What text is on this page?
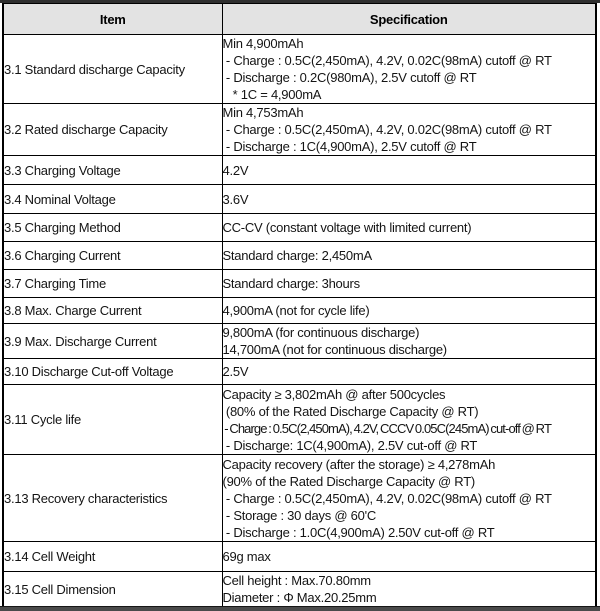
Item	Specification
3.1 Standard discharge Capacity	Min 4,900mAh
- Charge : 0.5C(2,450mA), 4.2V, 0.02C(98mA) cutoff @ RT
- Discharge : 0.2C(980mA), 2.5V cutoff @ RT
* 1C = 4,900mA

3.2 Rated discharge Capacity	Min 4,753mAh
- Charge : 0.5C(2,450mA), 4.2V, 0.02C(98mA) cutoff @ RT
- Discharge : 1C(4,900mA), 2.5V cutoff @ RT

3.3 Charging Voltage	4.2V

3.4 Nominal Voltage	3.6V

3.5 Charging Method	CC-CV (constant voltage with limited current)

3.6 Charging Current	Standard charge: 2,450mA

3.7 Charging Time	Standard charge: 3hours

3.8 Max. Charge Current	4,900mA (not for cycle life)

3.9 Max. Discharge Current	9,800mA (for continuous discharge)
14,700mA (not for continuous discharge)

3.10 Discharge Cut-off Voltage	2.5V

3.11 Cycle life	Capacity ≥ 3,802mAh @ after 500cycles
(80% of the Rated Discharge Capacity @ RT)
- Charge : 0.5C(2,450mA), 4.2V, CCCV 0.05C(245mA) cut-off @ RT
- Discharge: 1C(4,900mA), 2.5V cut-off @ RT

3.13 Recovery characteristics	Capacity recovery (after the storage) ≥ 4,278mAh
(90% of the Rated Discharge Capacity @ RT)
- Charge : 0.5C(2,450mA), 4.2V, 0.02C(98mA) cutoff @ RT
- Storage : 30 days @ 60'C
- Discharge : 1.0C(4,900mA) 2.50V cut-off @ RT

3.14 Cell Weight	69g max

3.15 Cell Dimension	Cell height : Max.70.80mm
Diameter : Φ Max.20.25mm
